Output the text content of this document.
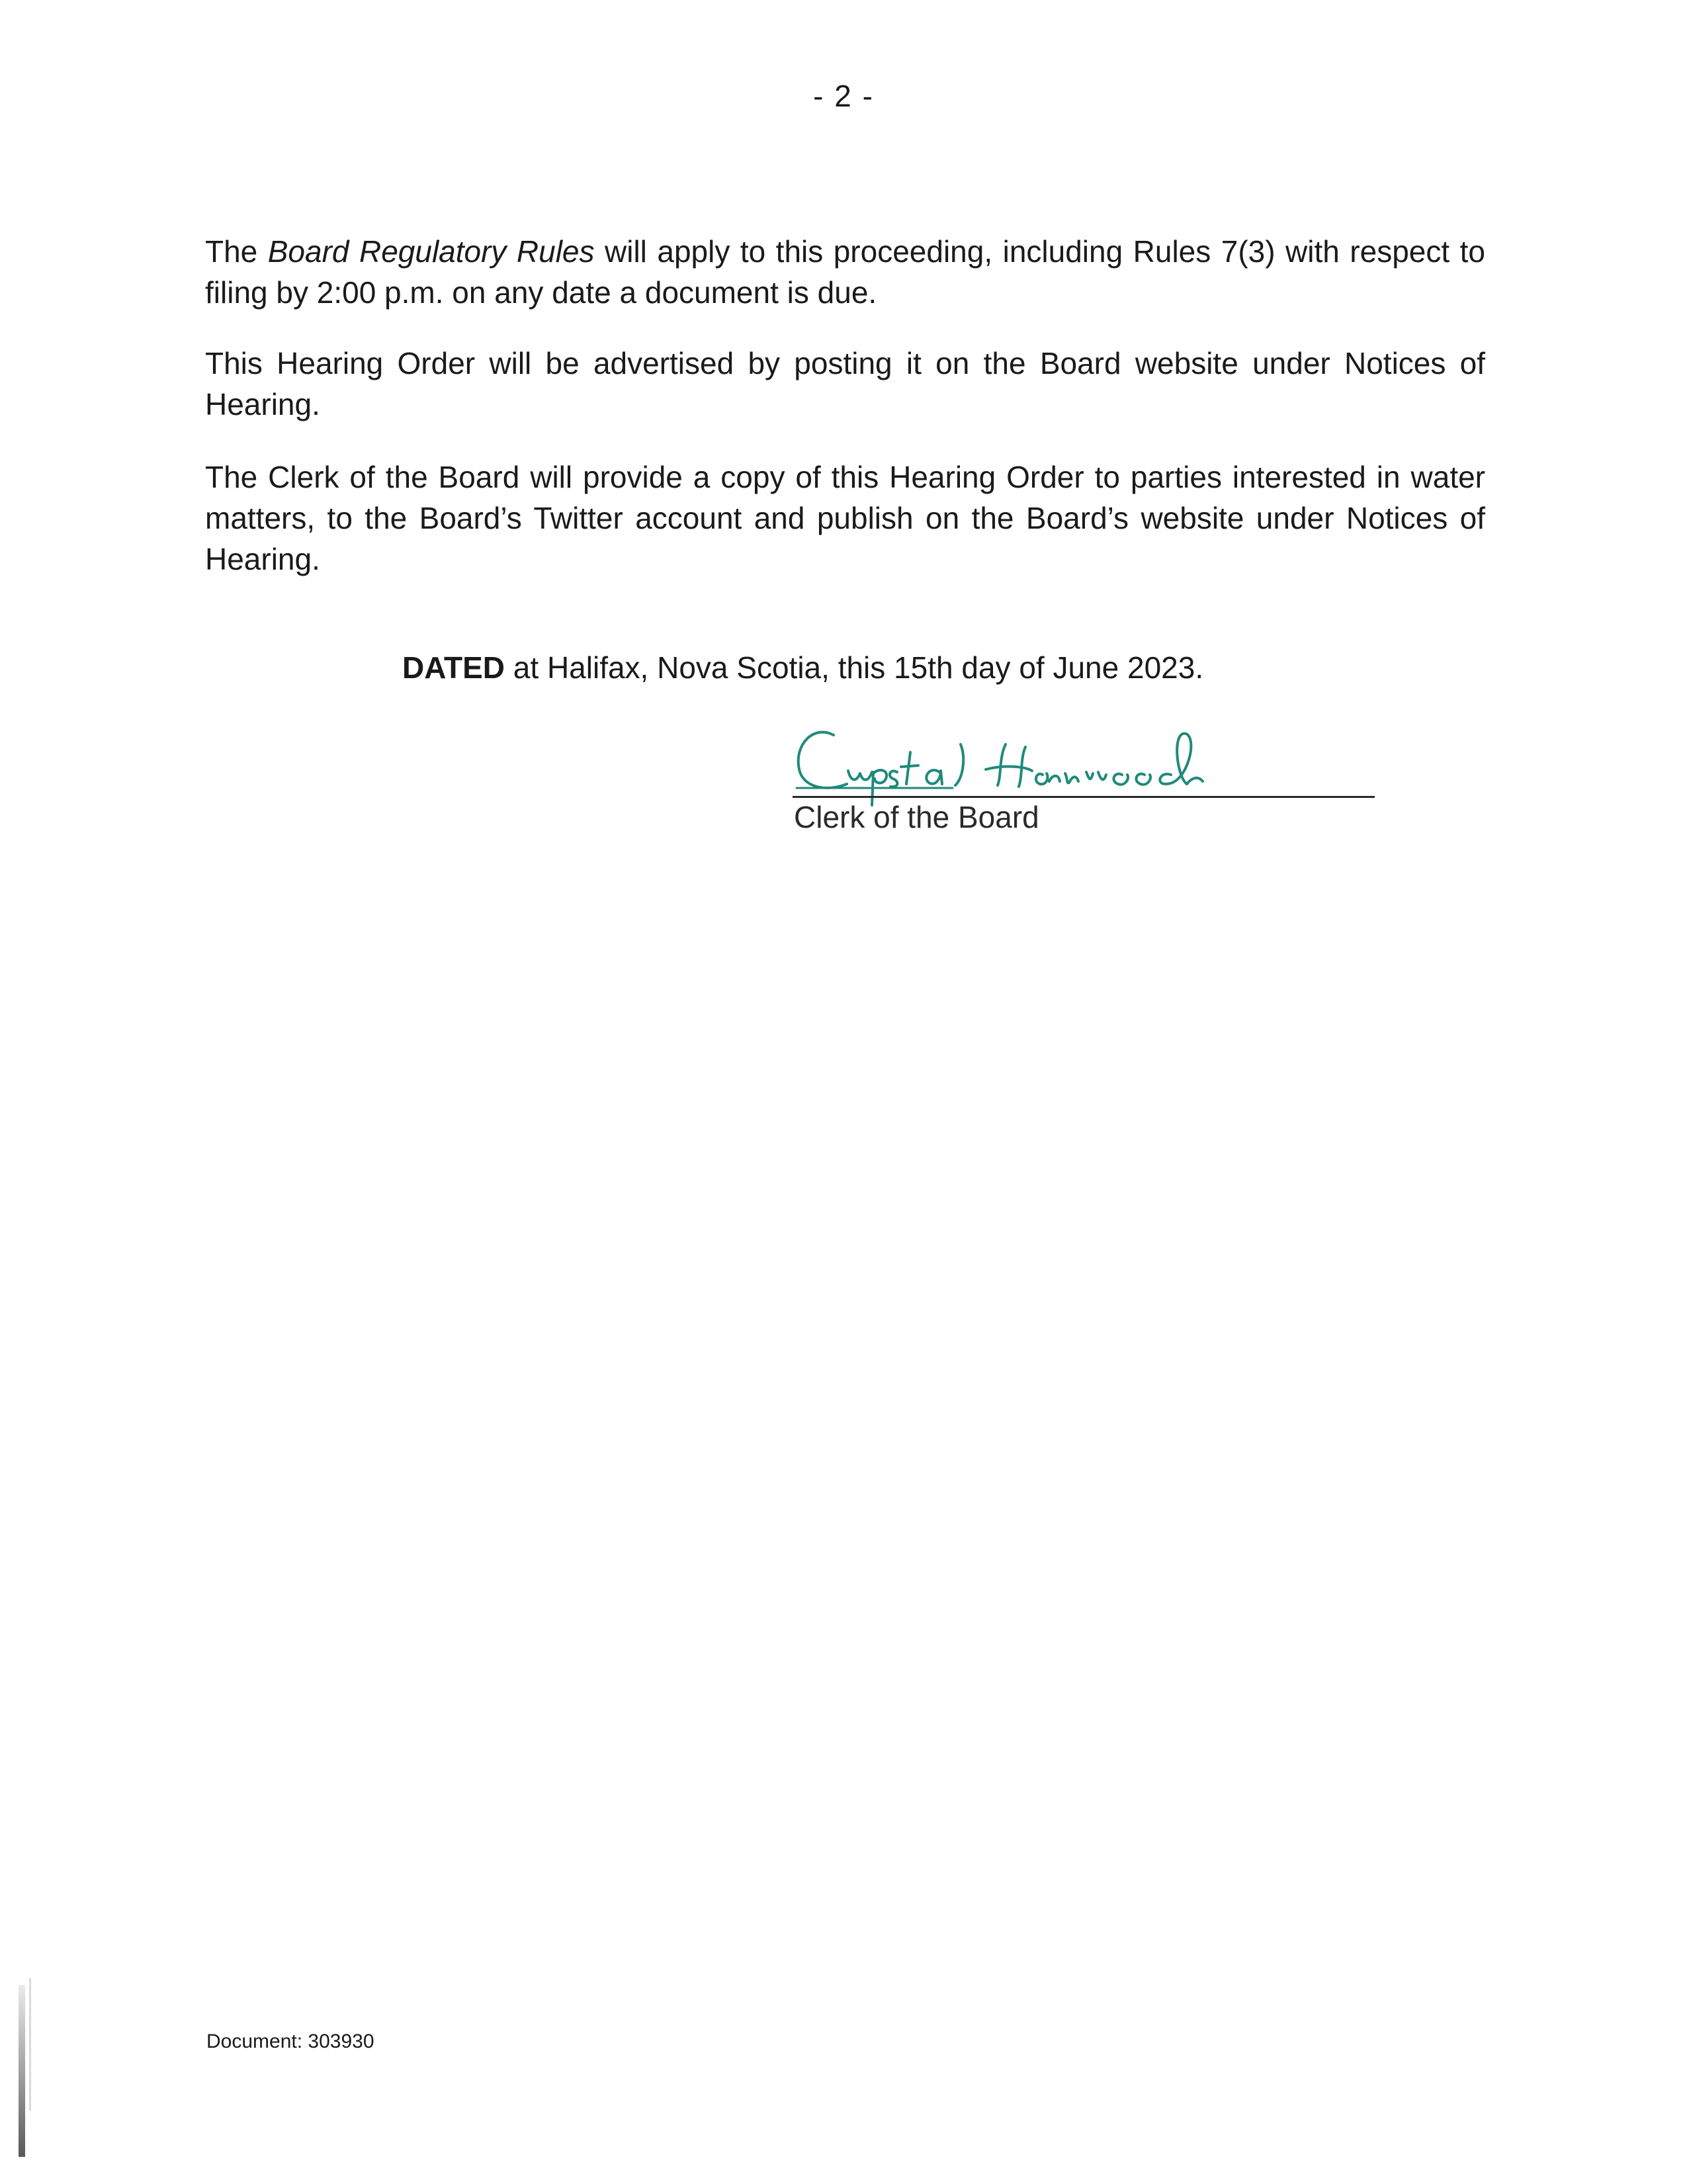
- 2 -

The Board Regulatory Rules will apply to this proceeding, including Rules 7(3) with respect to filing by 2:00 p.m. on any date a document is due.

This Hearing Order will be advertised by posting it on the Board website under Notices of Hearing.

The Clerk of the Board will provide a copy of this Hearing Order to parties interested in water matters, to the Board’s Twitter account and publish on the Board’s website under Notices of Hearing.

DATED at Halifax, Nova Scotia, this 15th day of June 2023.
Clerk of the Board
Document: 303930
